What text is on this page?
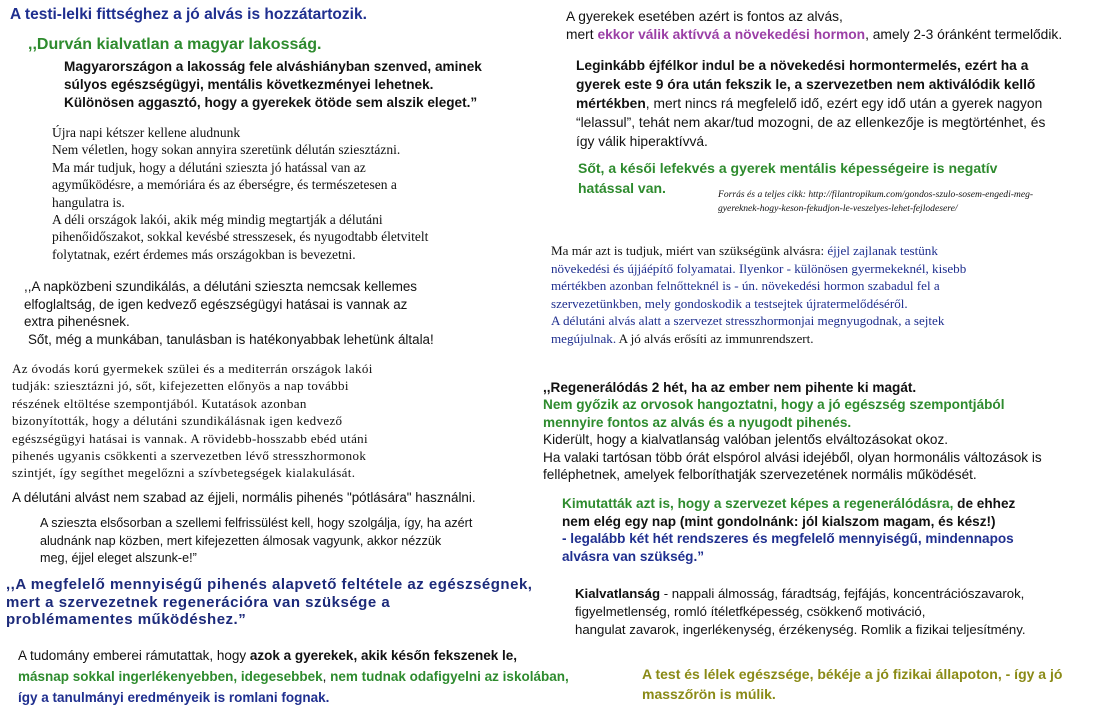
A testi-lelki fittséghez a jó alvás is hozzátartozik.
,,Durván kialvatlan a magyar lakosság.

Magyarországon a lakosság fele alváshiányban szenved, aminek

súlyos egészségügyi, mentális következményei lehetnek.

Különösen aggasztó, hogy a gyerekek ötöde sem alszik eleget.”

Újra napi kétszer kellene aludnunk

Nem véletlen, hogy sokan annyira szeretünk délután sziesztázni.

Ma már tudjuk, hogy a délutáni szieszta jó hatással van az

agyműködésre, a memóriára és az éberségre, és természetesen a

hangulatra is.

A déli országok lakói, akik még mindig megtartják a délutáni

pihenőidőszakot, sokkal kevésbé stresszesek, és nyugodtabb életvitelt

folytatnak, ezért érdemes más országokban is bevezetni.

,,A napközbeni szundikálás, a délutáni szieszta nemcsak kellemes

elfoglaltság, de igen kedvező egészségügyi hatásai is vannak az

extra pihenésnek.

Sőt, még a munkában, tanulásban is hatékonyabbak lehetünk általa!

Az óvodás korú gyermekek szülei és a mediterrán országok lakói

tudják: sziesztázni jó, sőt, kifejezetten előnyös a nap további

részének eltöltése szempontjából. Kutatások azonban

bizonyították, hogy a délutáni szundikálásnak igen kedvező

egészségügyi hatásai is vannak. A rövidebb-hosszabb ebéd utáni

pihenés ugyanis csökkenti a szervezetben lévő stresszhormonok

szintjét, így segíthet megelőzni a szívbetegségek kialakulását.

A délutáni alvást nem szabad az éjjeli, normális pihenés "pótlására" használni.

A szieszta elsősorban a szellemi felfrissülést kell, hogy szolgálja, így, ha azért

aludnánk nap közben, mert kifejezetten álmosak vagyunk, akkor nézzük

meg, éjjel eleget alszunk-e!”

,,A megfelelő mennyiségű pihenés alapvető feltétele az egészségnek,

mert a szervezetnek regenerációra van szüksége a

problémamentes működéshez.”

A tudomány emberei rámutattak, hogy azok a gyerekek, akik későn fekszenek le,

másnap sokkal ingerlékenyebben, idegesebbek, nem tudnak odafigyelni az iskolában,

így a tanulmányi eredményeik is romlani fognak.

A gyerekek esetében azért is fontos az alvás,

mert ekkor válik aktívvá a növekedési hormon, amely 2-3 óránként termelődik.

Leginkább éjfélkor indul be a növekedési hormontermelés, ezért ha a

gyerek este 9 óra után fekszik le, a szervezetben nem aktiválódik kellő

mértékben, mert nincs rá megfelelő idő, ezért egy idő után a gyerek nagyon

“lelassul”, tehát nem akar/tud mozogni, de az ellenkezője is megtörténhet, és

így válik hiperaktívvá.

Sőt, a késői lefekvés a gyerek mentális képességeire is negatív

hatással van.	Forrás és a teljes cikk: http://filantropikum.com/gondos-szulo-sosem-engedi-meg-

gyereknek-hogy-keson-fekudjon-le-veszelyes-lehet-fejlodesere/

Ma már azt is tudjuk, miért van szükségünk alvásra: éjjel zajlanak testünk

növekedési és újjáépítő folyamatai. Ilyenkor - különösen gyermekeknél, kisebb

mértékben azonban felnőtteknél is - ún. növekedési hormon szabadul fel a

szervezetünkben, mely gondoskodik a testsejtek újratermelődéséről.

A délutáni alvás alatt a szervezet stresszhormonjai megnyugodnak, a sejtek

megújulnak. A jó alvás erősíti az immunrendszert.

,,Regenerálódás 2 hét, ha az ember nem pihente ki magát.

Nem győzik az orvosok hangoztatni, hogy a jó egészség szempontjából

mennyire fontos az alvás és a nyugodt pihenés.

Kiderült, hogy a kialvatlanság valóban jelentős elváltozásokat okoz.

Ha valaki tartósan több órát elspórol alvási idejéből, olyan hormonális változások is

felléphetnek, amelyek felboríthatják szervezetének normális működését.

Kimutatták azt is, hogy a szervezet képes a regenerálódásra, de ehhez

nem elég egy nap (mint gondolnánk: jól kialszom magam, és kész!)

- legalább két hét rendszeres és megfelelő mennyiségű, mindennapos

alvásra van szükség.”

Kialvatlanság - nappali álmosság, fáradtság, fejfájás, koncentrációszavarok,

figyelmetlenség, romló ítéletfképesség, csökkenő motiváció,

hangulat zavarok, ingerlékenység, érzékenység. Romlik a fizikai teljesítmény.

A test és lélek egészsége, békéje a jó fizikai állapoton, - így a jó

masszőrön is múlik.
